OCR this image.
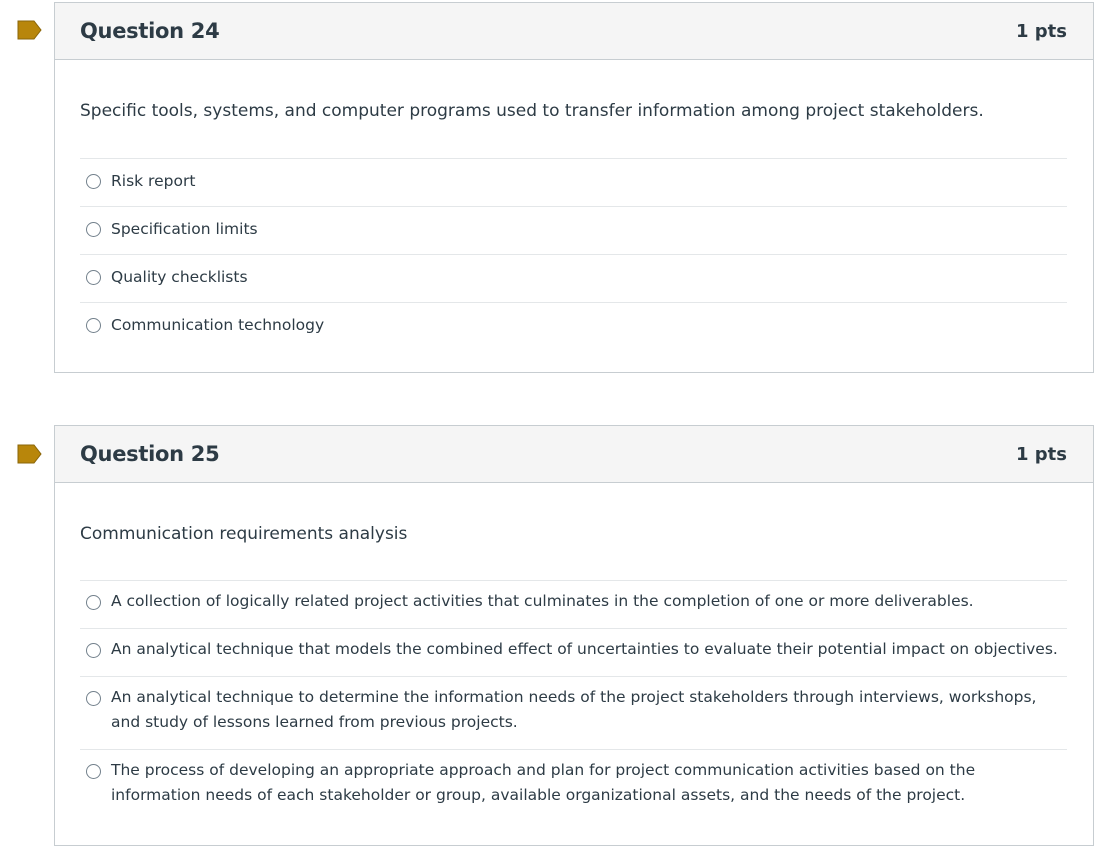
Question 24	1 pts
Specific tools, systems, and computer programs used to transfer information among project stakeholders.
Risk report
Specification limits
Quality checklists
Communication technology
Question 25	1 pts
Communication requirements analysis
A collection of logically related project activities that culminates in the completion of one or more deliverables.
An analytical technique that models the combined effect of uncertainties to evaluate their potential impact on objectives.
An analytical technique to determine the information needs of the project stakeholders through interviews, workshops, and study of lessons learned from previous projects.
The process of developing an appropriate approach and plan for project communication activities based on the information needs of each stakeholder or group, available organizational assets, and the needs of the project.
